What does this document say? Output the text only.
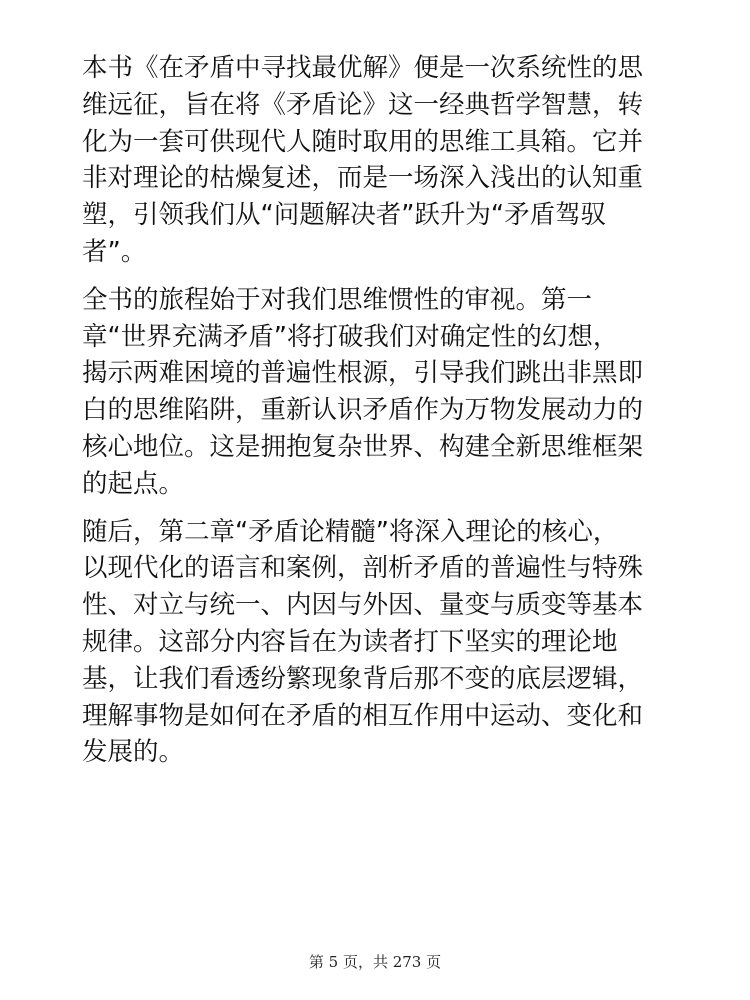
本书《在矛盾中寻找最优解》便是一次系统性的思
维远征，旨在将《矛盾论》这一经典哲学智慧，转
化为一套可供现代人随时取用的思维工具箱。它并
非对理论的枯燥复述，而是一场深入浅出的认知重
塑，引领我们从“问题解决者”跃升为“矛盾驾驭
者”。
全书的旅程始于对我们思维惯性的审视。第一
章“世界充满矛盾”将打破我们对确定性的幻想，
揭示两难困境的普遍性根源，引导我们跳出非黑即
白的思维陷阱，重新认识矛盾作为万物发展动力的
核心地位。这是拥抱复杂世界、构建全新思维框架
的起点。
随后，第二章“矛盾论精髓”将深入理论的核心，
以现代化的语言和案例，剖析矛盾的普遍性与特殊
性、对立与统一、内因与外因、量变与质变等基本
规律。这部分内容旨在为读者打下坚实的理论地
基，让我们看透纷繁现象背后那不变的底层逻辑，
理解事物是如何在矛盾的相互作用中运动、变化和
发展的。
第 5 页，共 273 页
